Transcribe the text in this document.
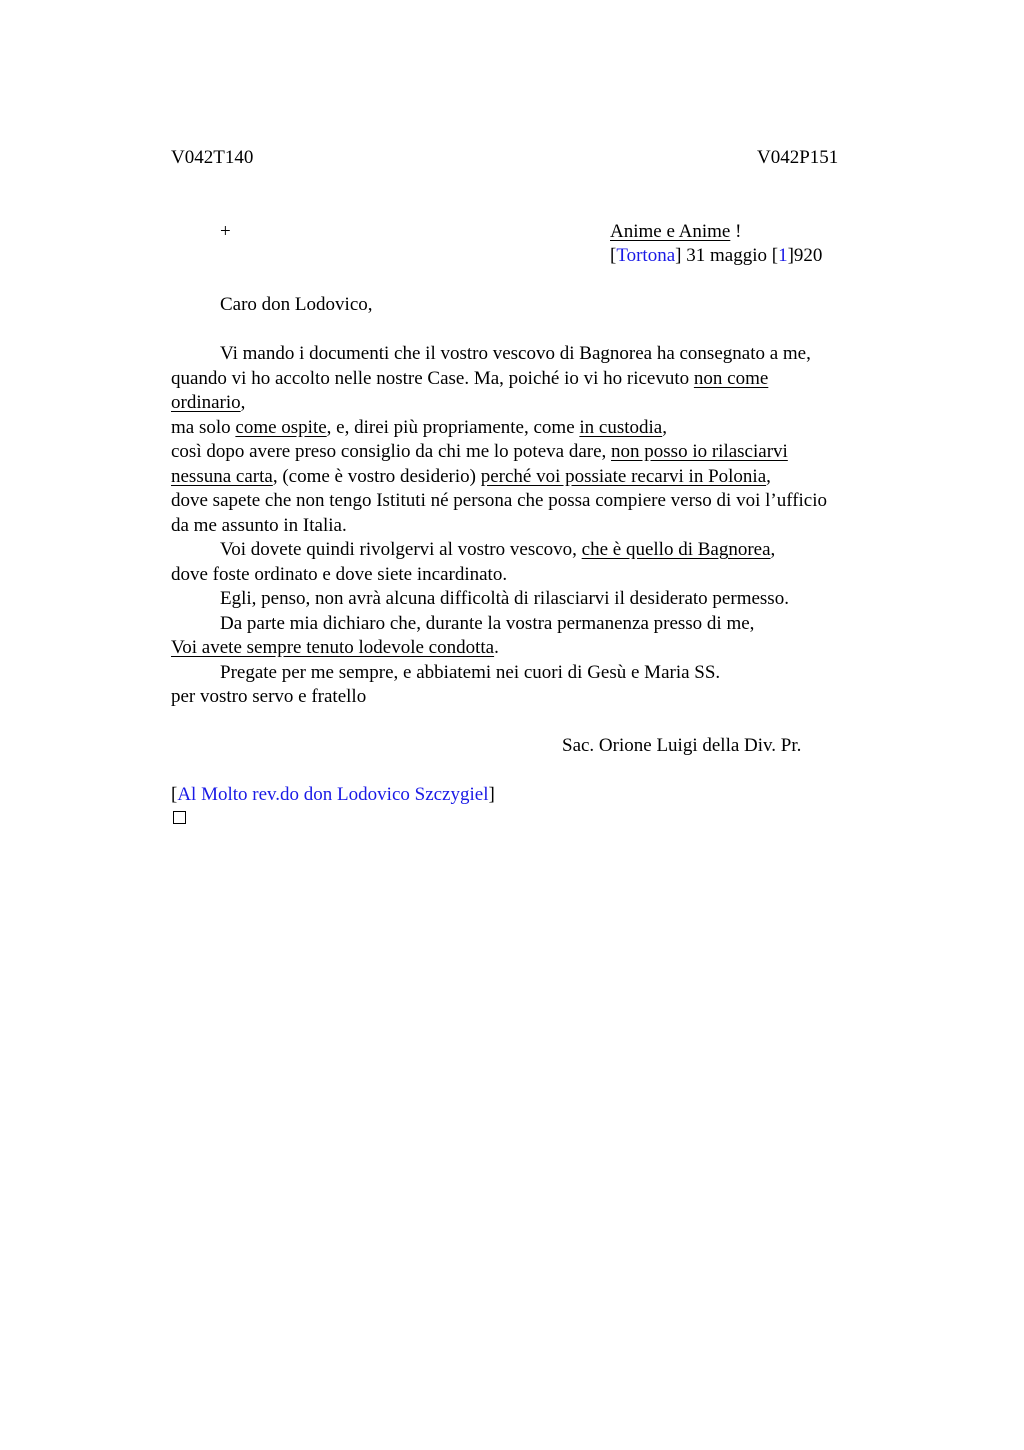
V042T140	V042P151
+	Anime e Anime !
[Tortona] 31 maggio [1]920
Caro don Lodovico,
Vi mando i documenti che il vostro vescovo di Bagnorea ha consegnato a me,
quando vi ho accolto nelle nostre Case. Ma, poiché io vi ho ricevuto non come
ordinario,
ma solo come ospite, e, direi più propriamente, come in custodia,
così dopo avere preso consiglio da chi me lo poteva dare, non posso io rilasciarvi
nessuna carta, (come è vostro desiderio) perché voi possiate recarvi in Polonia,
dove sapete che non tengo Istituti né persona che possa compiere verso di voi l’ufficio
da me assunto in Italia.
Voi dovete quindi rivolgervi al vostro vescovo, che è quello di Bagnorea,
dove foste ordinato e dove siete incardinato.
Egli, penso, non avrà alcuna difficoltà di rilasciarvi il desiderato permesso.
Da parte mia dichiaro che, durante la vostra permanenza presso di me,
Voi avete sempre tenuto lodevole condotta.
Pregate per me sempre, e abbiatemi nei cuori di Gesù e Maria SS.
per vostro servo e fratello
Sac. Orione Luigi della Div. Pr.
[Al Molto rev.do don Lodovico Szczygiel]
